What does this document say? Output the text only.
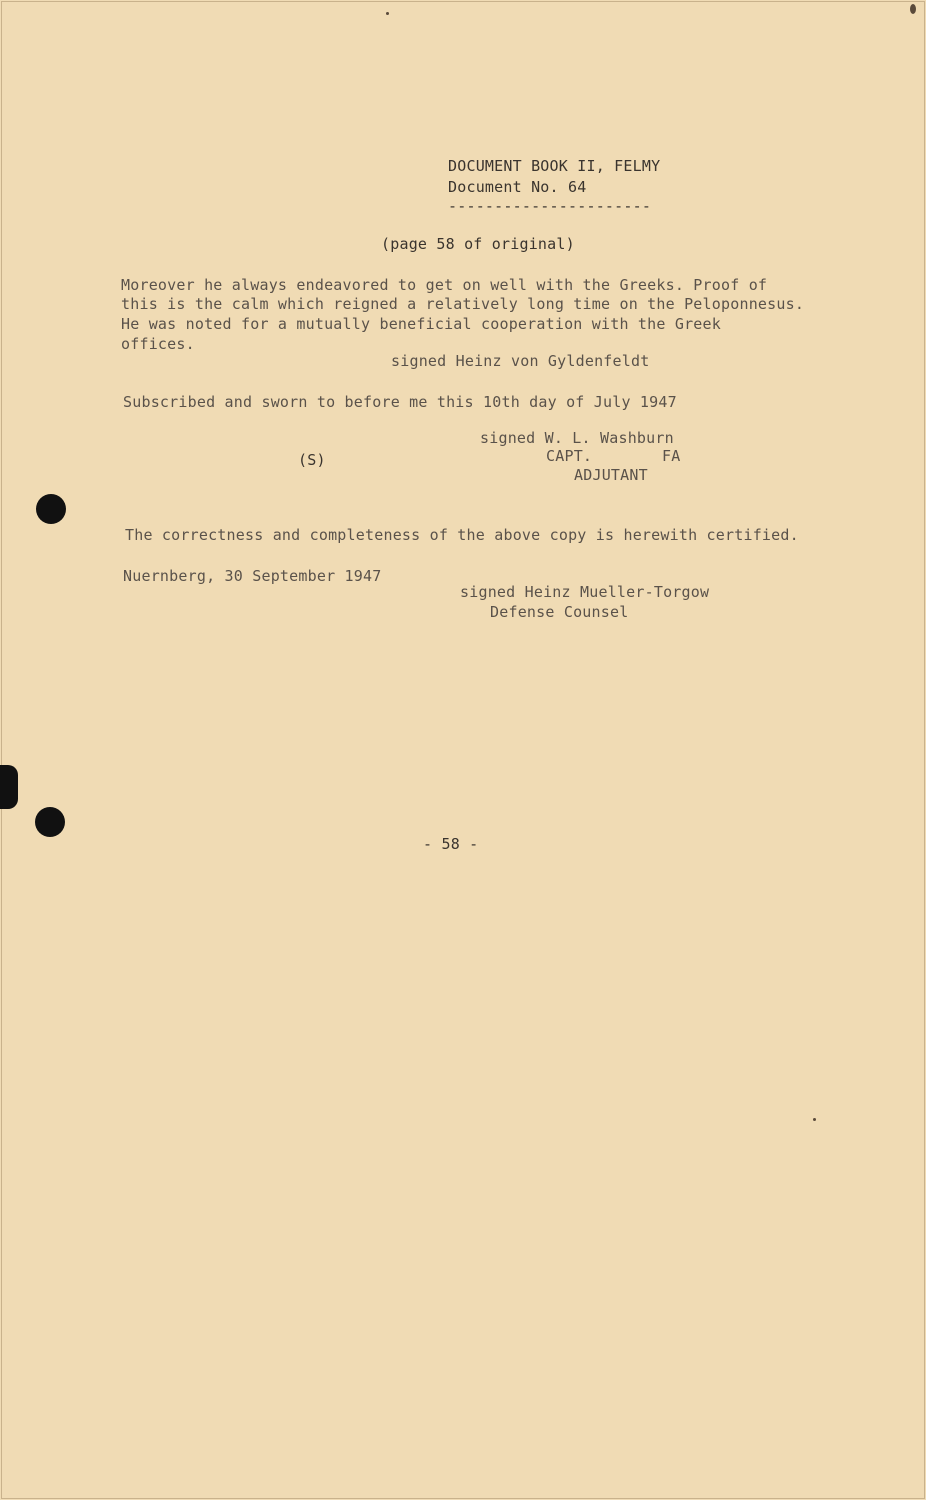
DOCUMENT BOOK II, FELMY
Document No. 64
----------------------
(page 58 of original)
Moreover he always endeavored to get on well with the Greeks. Proof of
this is the calm which reigned a relatively long time on the Peloponnesus.
He was noted for a mutually beneficial cooperation with the Greek
offices.
signed Heinz von Gyldenfeldt
Subscribed and sworn to before me this 10th day of July 1947
signed W. L. Washburn
(S)	CAPT.	FA
ADJUTANT
The correctness and completeness of the above copy is herewith certified.
Nuernberg, 30 September 1947
signed Heinz Mueller-Torgow
Defense Counsel
- 58 -
